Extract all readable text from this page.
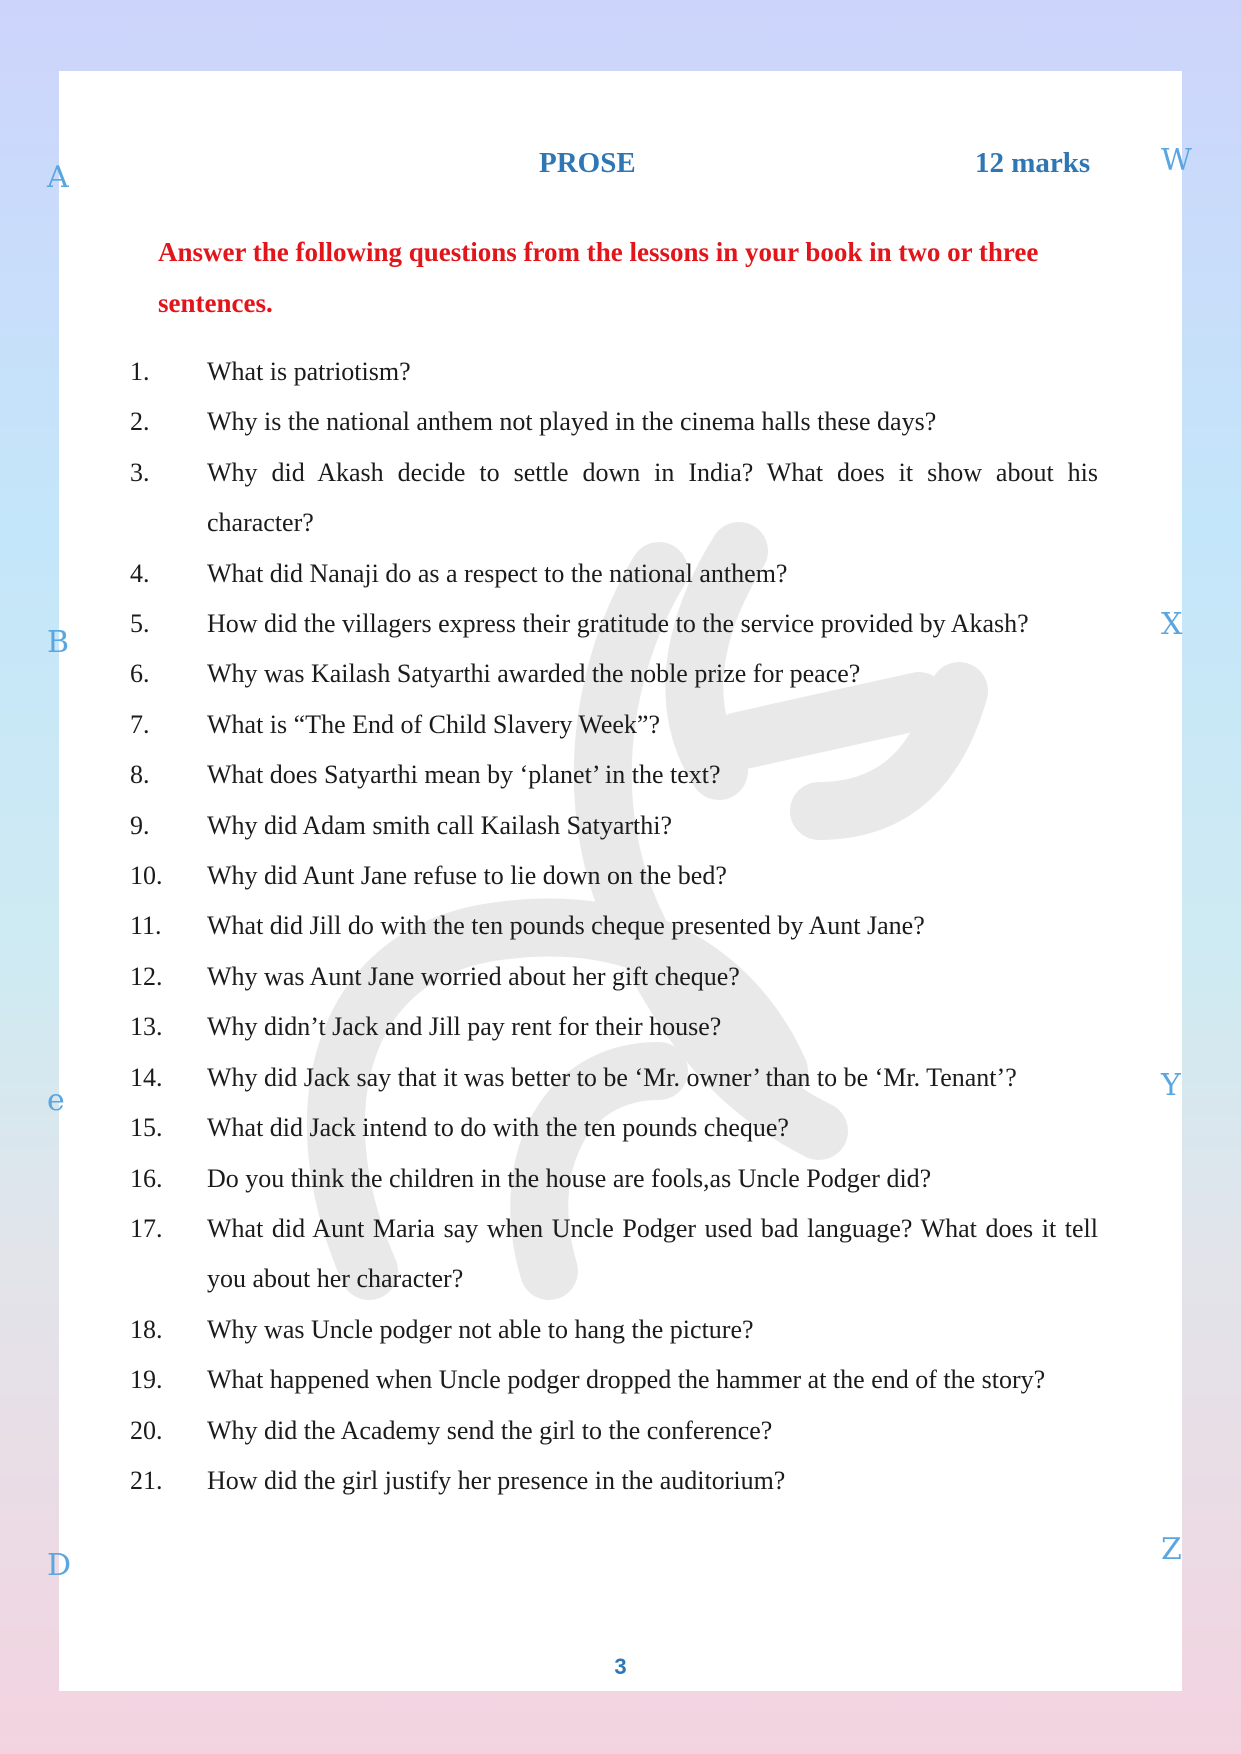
A
B
e
D
W
X
Y
Z
PROSE	12 marks
Answer the following questions from the lessons in your book in two or three sentences.
1.	What is patriotism?
2.	Why is the national anthem not played in the cinema halls these days?
3.	Why did Akash decide to settle down in India? What does it show about his character?
4.	What did Nanaji do as a respect to the national anthem?
5.	How did the villagers express their gratitude to the service provided by Akash?
6.	Why was Kailash Satyarthi awarded the noble prize for peace?
7.	What is “The End of Child Slavery Week”?
8.	What does Satyarthi mean by ‘planet’ in the text?
9.	Why did Adam smith call Kailash Satyarthi?
10.	Why did Aunt Jane refuse to lie down on the bed?
11.	What did Jill do with the ten pounds cheque presented by Aunt Jane?
12.	Why was Aunt Jane worried about her gift cheque?
13.	Why didn’t Jack and Jill pay rent for their house?
14.	Why did Jack say that it was better to be ‘Mr. owner’ than to be ‘Mr. Tenant’?
15.	What did Jack intend to do with the ten pounds cheque?
16.	Do you think the children in the house are fools,as Uncle Podger did?
17.	What did Aunt Maria say when Uncle Podger used bad language? What does it tell you about her character?
18.	Why was Uncle podger not able to hang the picture?
19.	What happened when Uncle podger dropped the hammer at the end of the story?
20.	Why did the Academy send the girl to the conference?
21.	How did the girl justify her presence in the auditorium?
3
